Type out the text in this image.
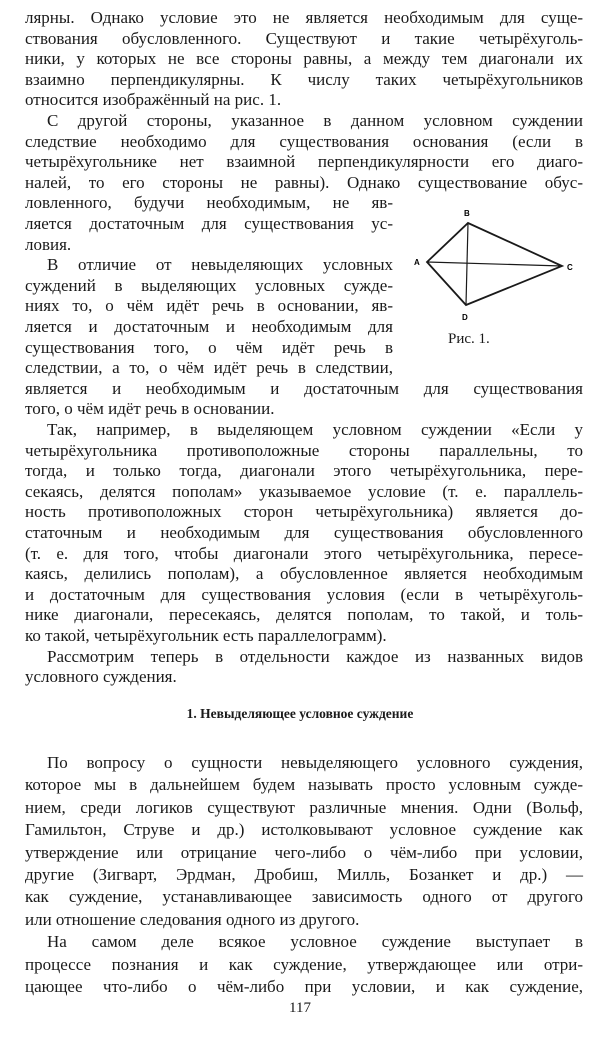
лярны. Однако условие это не является необходимым для суще-
ствования обусловленного. Существуют и такие четырёхуголь-
ники, у которых не все стороны равны, а между тем диагонали их
взаимно перпендикулярны. К числу таких четырёхугольников
относится изображённый на рис. 1.
С другой стороны, указанное в данном условном суждении
следствие необходимо для существования основания (если в
четырёхугольнике нет взаимной перпендикулярности его диаго-
налей, то его стороны не равны). Однако существование обус-
ловленного, будучи необходимым, не яв-
ляется достаточным для существования ус-
ловия.
В отличие от невыделяющих условных
суждений в выделяющих условных сужде-
ниях то, о чём идёт речь в основании, яв-
ляется и достаточным и необходимым для
существования того, о чём идёт речь в
следствии, а то, о чём идёт речь в следствии,
является и необходимым и достаточным для существования
того, о чём идёт речь в основании.
Так, например, в выделяющем условном суждении «Если у
четырёхугольника противоположные стороны параллельны, то
тогда, и только тогда, диагонали этого четырёхугольника, пере-
секаясь, делятся пополам» указываемое условие (т. е. параллель-
ность противоположных сторон четырёхугольника) является до-
статочным и необходимым для существования обусловленного
(т. е. для того, чтобы диагонали этого четырёхугольника, пересе-
каясь, делились пополам), а обусловленное является необходимым
и достаточным для существования условия (если в четырёхуголь-
нике диагонали, пересекаясь, делятся пополам, то такой, и толь-
ко такой, четырёхугольник есть параллелограмм).
Рассмотрим теперь в отдельности каждое из названных видов
условного суждения.
По вопросу о сущности невыделяющего условного суждения,
которое мы в дальнейшем будем называть просто условным сужде-
нием, среди логиков существуют различные мнения. Одни (Вольф,
Гамильтон, Струве и др.) истолковывают условное суждение как
утверждение или отрицание чего-либо о чём-либо при условии,
другие (Зигварт, Эрдман, Дробиш, Милль, Бозанкет и др.) —
как суждение, устанавливающее зависимость одного от другого
или отношение следования одного из другого.
На самом деле всякое условное суждение выступает в
процессе познания и как суждение, утверждающее или отри-
цающее что-либо о чём-либо при условии, и как суждение,
1. Невыделяющее условное суждение
B
A
C
D
Рис. 1.
117
